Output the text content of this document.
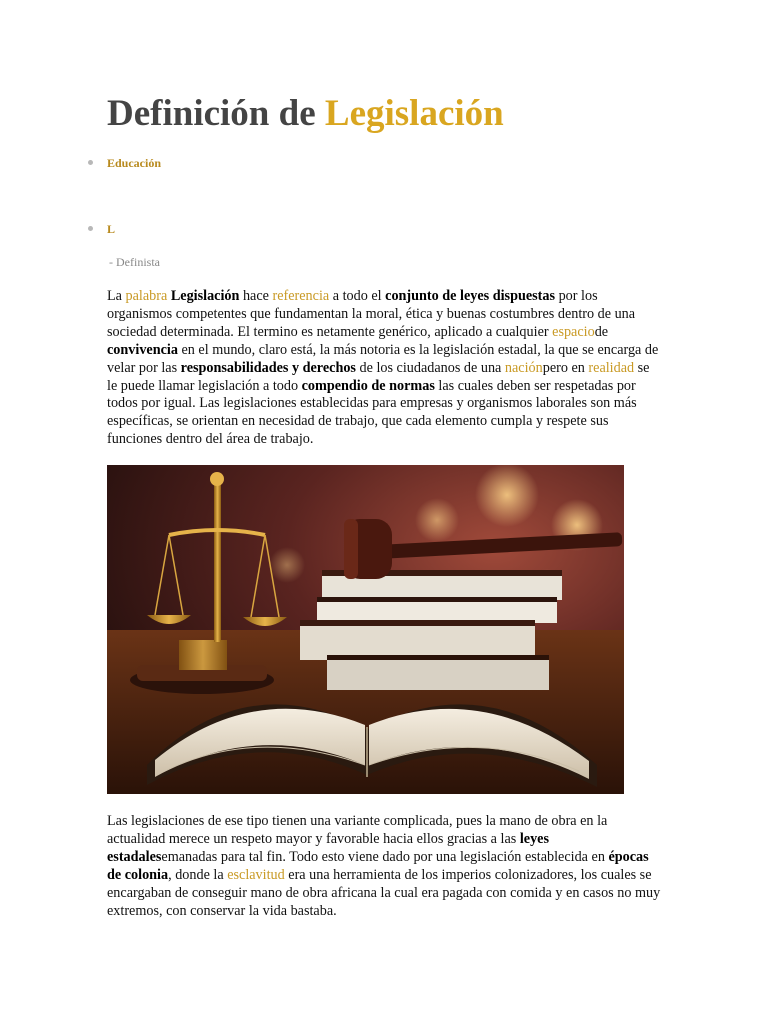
Definición de Legislación
Educación
L
- Definista

La palabra Legislación hace referencia a todo el conjunto de leyes dispuestas por los organismos competentes que fundamentan la moral, ética y buenas costumbres dentro de una sociedad determinada. El termino es netamente genérico, aplicado a cualquier espaciode convivencia en el mundo, claro está, la más notoria es la legislación estadal, la que se encarga de velar por las responsabilidades y derechos de los ciudadanos de una naciónpero en realidad se le puede llamar legislación a todo compendio de normas las cuales deben ser respetadas por todos por igual. Las legislaciones establecidas para empresas y organismos laborales son más específicas, se orientan en necesidad de trabajo, que cada elemento cumpla y respete sus funciones dentro del área de trabajo.

Las legislaciones de ese tipo tienen una variante complicada, pues la mano de obra en la actualidad merece un respeto mayor y favorable hacia ellos gracias a las leyes estadalesemanadas para tal fin. Todo esto viene dado por una legislación establecida en épocas de colonia, donde la esclavitud era una herramienta de los imperios colonizadores, los cuales se encargaban de conseguir mano de obra africana la cual era pagada con comida y en casos no muy extremos, con conservar la vida bastaba.
